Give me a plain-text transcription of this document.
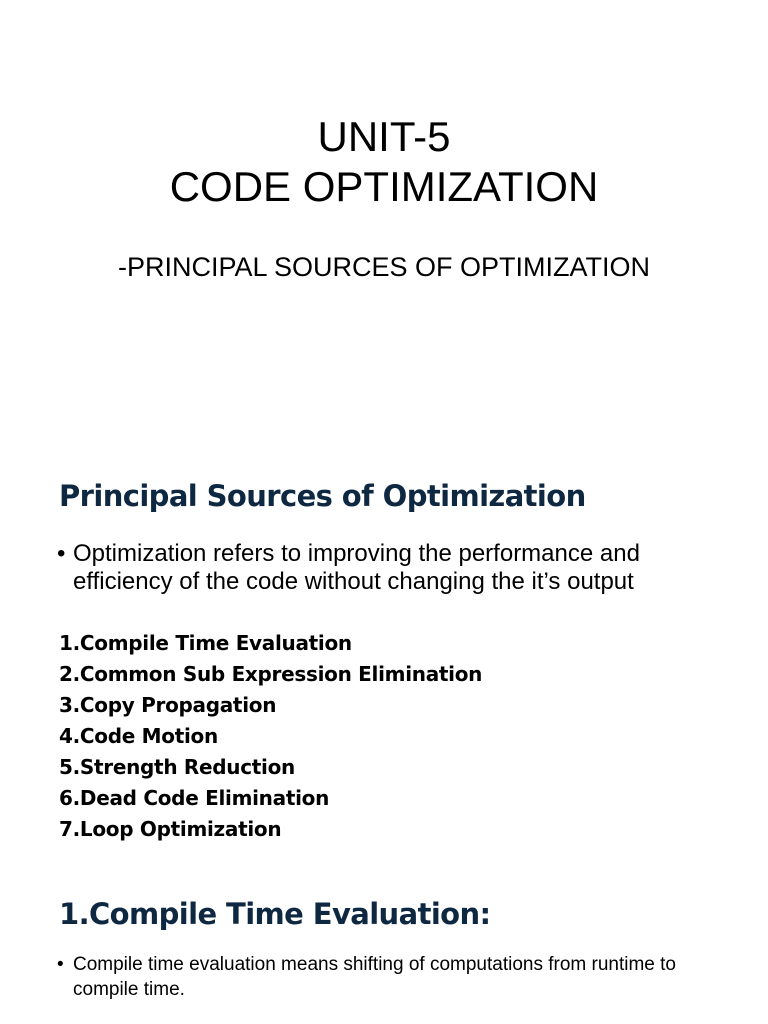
UNIT-5
CODE OPTIMIZATION
-PRINCIPAL SOURCES OF OPTIMIZATION
Principal Sources of Optimization
• Optimization refers to improving the performance and efficiency of the code without changing the it’s output
1.Compile Time Evaluation
2.Common Sub Expression Elimination
3.Copy Propagation
4.Code Motion
5.Strength Reduction
6.Dead Code Elimination
7.Loop Optimization
1.Compile Time Evaluation:
• Compile time evaluation means shifting of computations from runtime to compile time.
